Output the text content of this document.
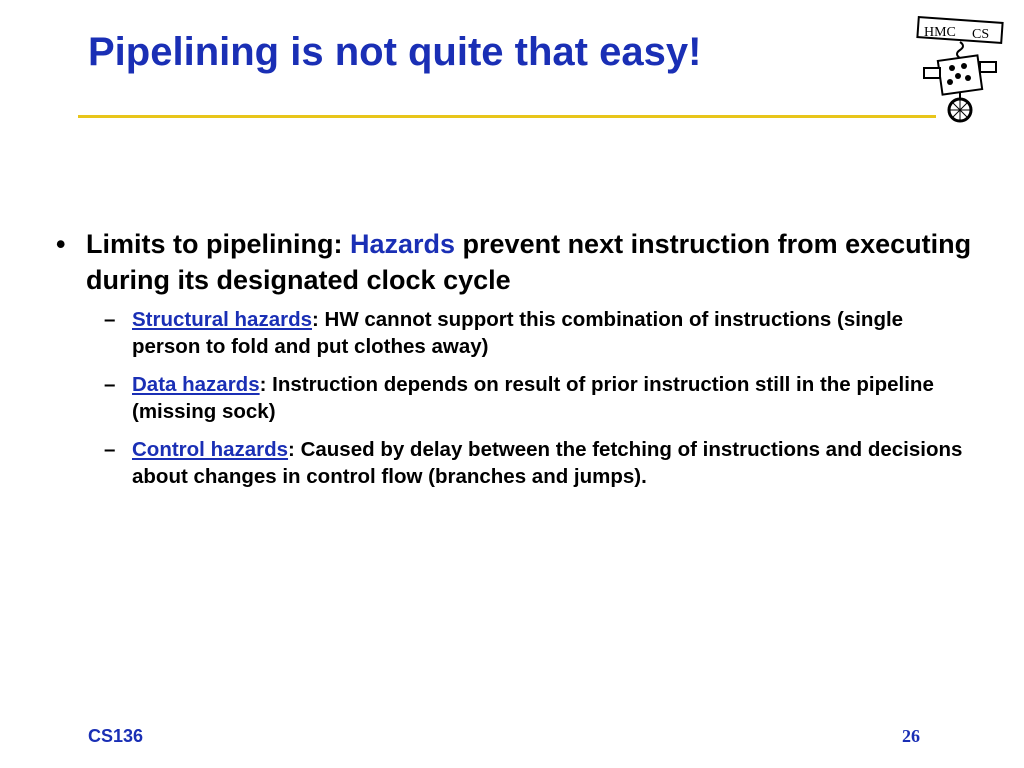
Pipelining is not quite that easy!	HMC CS
• Limits to pipelining: Hazards prevent next instruction from executing during its designated clock cycle
– Structural hazards: HW cannot support this combination of instructions (single person to fold and put clothes away)
– Data hazards: Instruction depends on result of prior instruction still in the pipeline (missing sock)
– Control hazards: Caused by delay between the fetching of instructions and decisions about changes in control flow (branches and jumps).
CS136	26
